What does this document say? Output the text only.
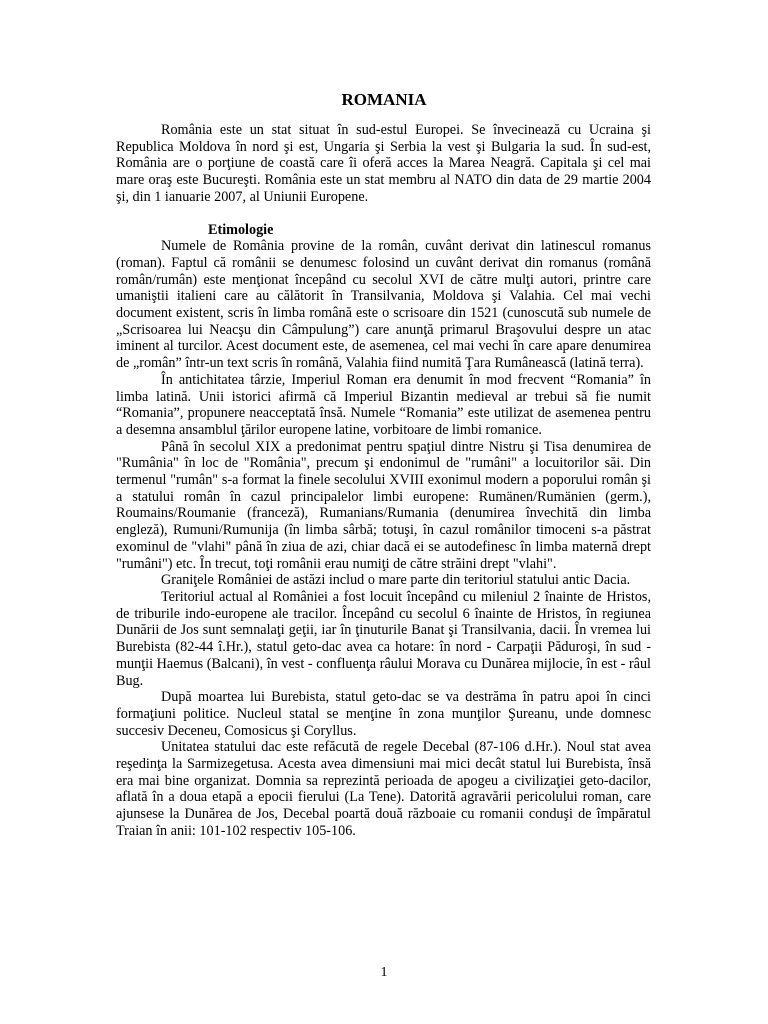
ROMANIA

România este un stat situat în sud-estul Europei. Se învecinează cu Ucraina şi Republica Moldova în nord şi est, Ungaria şi Serbia la vest şi Bulgaria la sud. În sud-est, România are o porţiune de coastă care îi oferă acces la Marea Neagră. Capitala şi cel mai mare oraş este Bucureşti. România este un stat membru al NATO din data de 29 martie 2004 şi, din 1 ianuarie 2007, al Uniunii Europene.

Etimologie

Numele de România provine de la român, cuvânt derivat din latinescul romanus (roman). Faptul că românii se denumesc folosind un cuvânt derivat din romanus (română român/rumân) este menţionat începând cu secolul XVI de către mulţi autori, printre care umaniştii italieni care au călătorit în Transilvania, Moldova şi Valahia. Cel mai vechi document existent, scris în limba română este o scrisoare din 1521 (cunoscută sub numele de „Scrisoarea lui Neacşu din Câmpulung”) care anunţă primarul Braşovului despre un atac iminent al turcilor. Acest document este, de asemenea, cel mai vechi în care apare denumirea de „român” într-un text scris în română, Valahia fiind numită Ţara Rumânească (latină terra).

În antichitatea târzie, Imperiul Roman era denumit în mod frecvent “Romania” în limba latină. Unii istorici afirmă că Imperiul Bizantin medieval ar trebui să fie numit “Romania”, propunere neacceptată însă. Numele “Romania” este utilizat de asemenea pentru a desemna ansamblul ţărilor europene latine, vorbitoare de limbi romanice.

Până în secolul XIX a predonimat pentru spaţiul dintre Nistru şi Tisa denumirea de "Rumânia" în loc de "România", precum şi endonimul de "rumâni" a locuitorilor săi. Din termenul "rumân" s-a format la finele secolului XVIII exonimul modern a poporului român şi a statului român în cazul principalelor limbi europene: Rumänen/Rumänien (germ.), Roumains/Roumanie (franceză), Rumanians/Rumania (denumirea învechită din limba engleză), Rumuni/Rumunija (în limba sârbă; totuşi, în cazul românilor timoceni s-a păstrat exominul de "vlahi" până în ziua de azi, chiar dacă ei se autodefinesc în limba maternă drept "rumâni") etc. În trecut, toţi românii erau numiţi de către străini drept "vlahi".

Graniţele României de astăzi includ o mare parte din teritoriul statului antic Dacia.

Teritoriul actual al României a fost locuit începând cu mileniul 2 înainte de Hristos, de triburile indo-europene ale tracilor. Începând cu secolul 6 înainte de Hristos, în regiunea Dunării de Jos sunt semnalaţi geţii, iar în ţinuturile Banat şi Transilvania, dacii. În vremea lui Burebista (82-44 î.Hr.), statul geto-dac avea ca hotare: în nord - Carpaţii Păduroşi, în sud - munţii Haemus (Balcani), în vest - confluenţa râului Morava cu Dunărea mijlocie, în est - râul Bug.

După moartea lui Burebista, statul geto-dac se va destrăma în patru apoi în cinci formaţiuni politice. Nucleul statal se menţine în zona munţilor Şureanu, unde domnesc succesiv Deceneu, Comosicus şi Coryllus.

Unitatea statului dac este refăcută de regele Decebal (87-106 d.Hr.). Noul stat avea reşedinţa la Sarmizegetusa. Acesta avea dimensiuni mai mici decât statul lui Burebista, însă era mai bine organizat. Domnia sa reprezintă perioada de apogeu a civilizaţiei geto-dacilor, aflată în a doua etapă a epocii fierului (La Tene). Datorită agravării pericolului roman, care ajunsese la Dunărea de Jos, Decebal poartă două războaie cu romanii conduşi de împăratul Traian în anii: 101-102 respectiv 105-106.

1
